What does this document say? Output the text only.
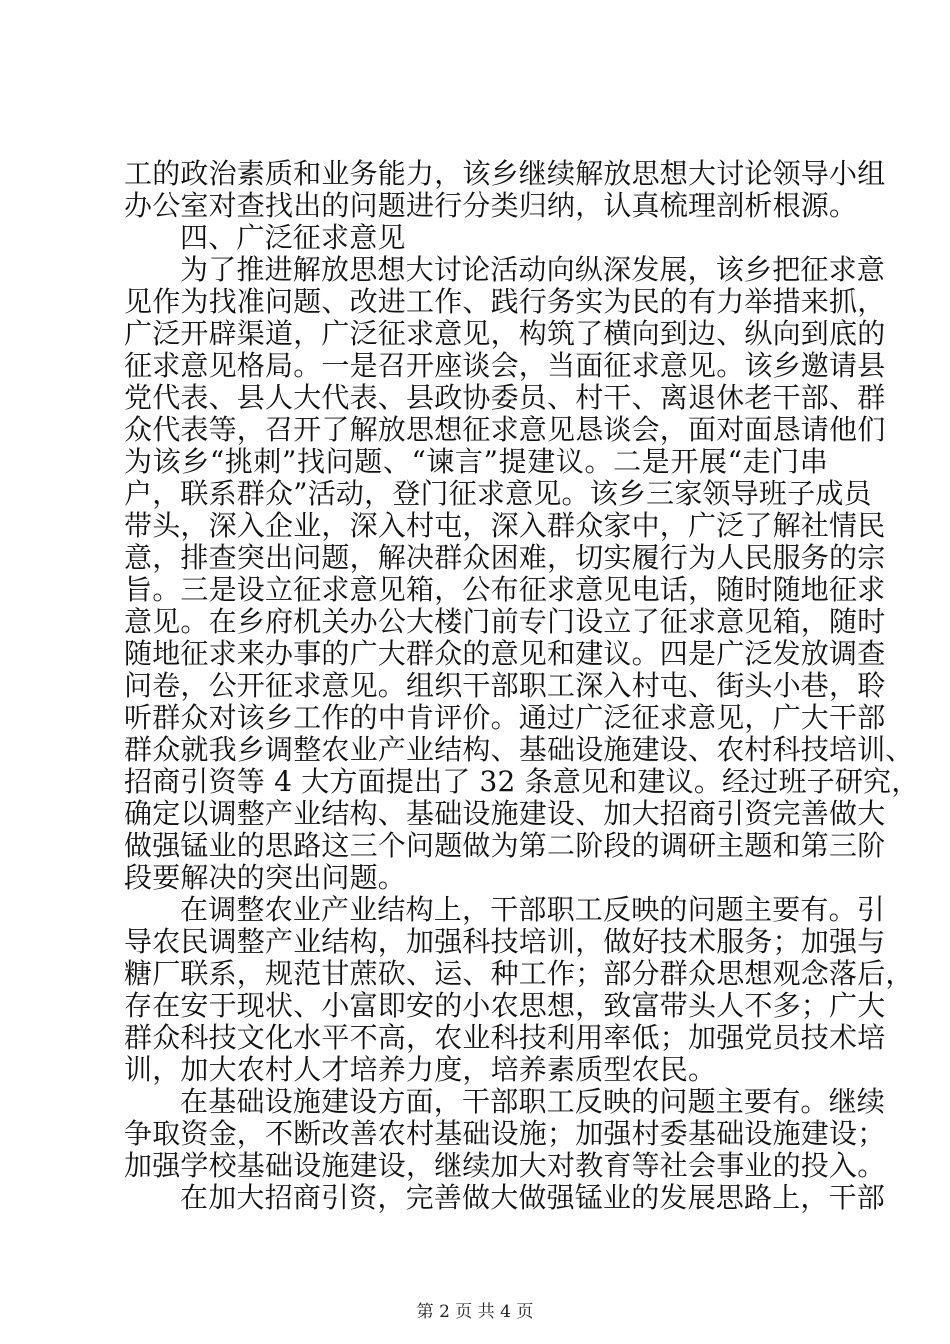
工的政治素质和业务能力，该乡继续解放思想大讨论领导小组
办公室对查找出的问题进行分类归纳，认真梳理剖析根源。
四、广泛征求意见
为了推进解放思想大讨论活动向纵深发展，该乡把征求意
见作为找准问题、改进工作、践行务实为民的有力举措来抓，
广泛开辟渠道，广泛征求意见，构筑了横向到边、纵向到底的
征求意见格局。一是召开座谈会，当面征求意见。该乡邀请县
党代表、县人大代表、县政协委员、村干、离退休老干部、群
众代表等，召开了解放思想征求意见恳谈会，面对面恳请他们
为该乡“挑刺”找问题、“谏言”提建议。二是开展“走门串
户，联系群众”活动，登门征求意见。该乡三家领导班子成员
带头，深入企业，深入村屯，深入群众家中，广泛了解社情民
意，排查突出问题，解决群众困难，切实履行为人民服务的宗
旨。三是设立征求意见箱，公布征求意见电话，随时随地征求
意见。在乡府机关办公大楼门前专门设立了征求意见箱，随时
随地征求来办事的广大群众的意见和建议。四是广泛发放调查
问卷，公开征求意见。组织干部职工深入村屯、街头小巷，聆
听群众对该乡工作的中肯评价。通过广泛征求意见，广大干部
群众就我乡调整农业产业结构、基础设施建设、农村科技培训、
招商引资等 4 大方面提出了 32 条意见和建议。经过班子研究，
确定以调整产业结构、基础设施建设、加大招商引资完善做大
做强锰业的思路这三个问题做为第二阶段的调研主题和第三阶
段要解决的突出问题。
在调整农业产业结构上，干部职工反映的问题主要有。引
导农民调整产业结构，加强科技培训，做好技术服务；加强与
糖厂联系，规范甘蔗砍、运、种工作；部分群众思想观念落后，
存在安于现状、小富即安的小农思想，致富带头人不多；广大
群众科技文化水平不高，农业科技利用率低；加强党员技术培
训，加大农村人才培养力度，培养素质型农民。
在基础设施建设方面，干部职工反映的问题主要有。继续
争取资金，不断改善农村基础设施；加强村委基础设施建设；
加强学校基础设施建设，继续加大对教育等社会事业的投入。
在加大招商引资，完善做大做强锰业的发展思路上，干部
第 2 页 共 4 页
